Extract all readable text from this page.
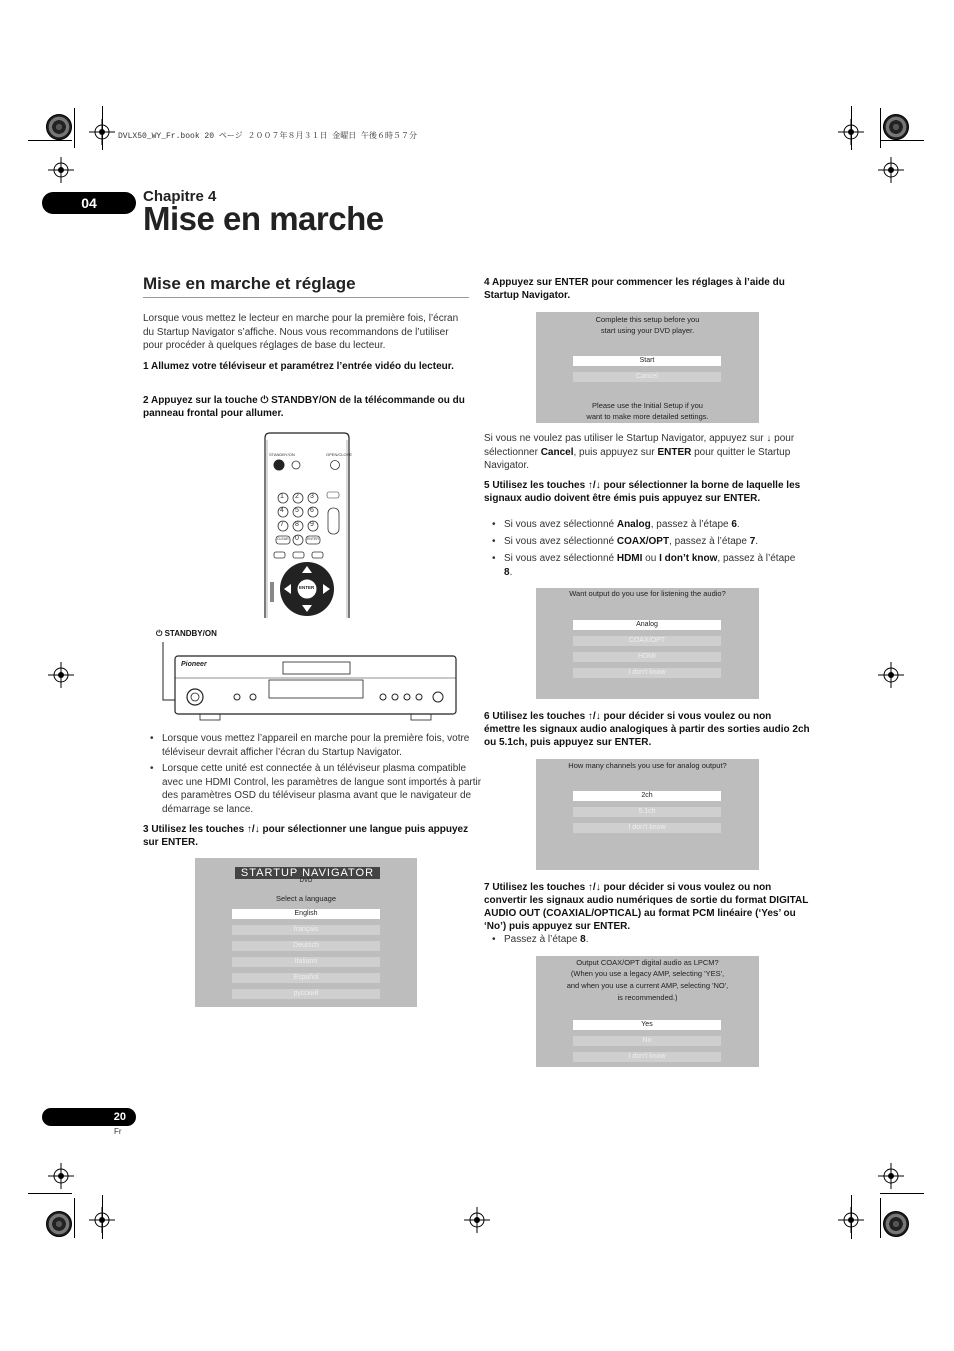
DVLX50_WY_Fr.book 20 ページ ２００７年８月３１日 金曜日 午後６時５７分
04	Chapitre 4
Mise en marche
Mise en marche et réglage
Lorsque vous mettez le lecteur en marche pour la première fois, l’écran du Startup Navigator s’affiche. Nous vous recommandons de l’utiliser pour procéder à quelques réglages de base du lecteur.
1 Allumez votre téléviseur et paramétrez l’entrée vidéo du lecteur.
2 Appuyez sur la touche ⏻ STANDBY/ON de la télécommande ou du panneau frontal pour allumer.
STANDBY/ON	OPEN/CLOSE
1 2 3
4 5 6
7 8 9
CLEAR 0 ENTER
ENTER
⏻ STANDBY/ON
Pioneer
• Lorsque vous mettez l’appareil en marche pour la première fois, votre téléviseur devrait afficher l’écran du Startup Navigator.
• Lorsque cette unité est connectée à un téléviseur plasma compatible avec une HDMI Control, les paramètres de langue sont importés à partir des paramètres OSD du téléviseur plasma avant que le navigateur de démarrage se lance.
3 Utilisez les touches ↑/↓ pour sélectionner une langue puis appuyez sur ENTER.
STARTUP NAVIGATOR
DVD
Select a language
English
français
Deutsch
Italiano
Español
русский
4 Appuyez sur ENTER pour commencer les réglages à l’aide du Startup Navigator.
Complete this setup before you
start using your DVD player.
Start
Cancel
Please use the Initial Setup if you
want to make more detailed settings.
Si vous ne voulez pas utiliser le Startup Navigator, appuyez sur ↓ pour sélectionner Cancel, puis appuyez sur ENTER pour quitter le Startup Navigator.
5 Utilisez les touches ↑/↓ pour sélectionner la borne de laquelle les signaux audio doivent être émis puis appuyez sur ENTER.
• Si vous avez sélectionné Analog, passez à l’étape 6.
• Si vous avez sélectionné COAX/OPT, passez à l’étape 7.
• Si vous avez sélectionné HDMI ou I don’t know, passez à l’étape 8.
Want output do you use for listening the audio?
Analog
COAX/OPT
HDMI
I don't know
6 Utilisez les touches ↑/↓ pour décider si vous voulez ou non émettre les signaux audio analogiques à partir des sorties audio 2ch ou 5.1ch, puis appuyez sur ENTER.
How many channels you use for analog output?
2ch
5.1ch
I don't know
7 Utilisez les touches ↑/↓ pour décider si vous voulez ou non convertir les signaux audio numériques de sortie du format DIGITAL AUDIO OUT (COAXIAL/OPTICAL) au format PCM linéaire (‘Yes’ ou ‘No’) puis appuyez sur ENTER.
• Passez à l’étape 8.
Output COAX/OPT digital audio as LPCM?
(When you use a legacy AMP, selecting 'YES',
and when you use a current AMP, selecting 'NO',
is recommended.)
Yes
No
I don't know
20
Fr
